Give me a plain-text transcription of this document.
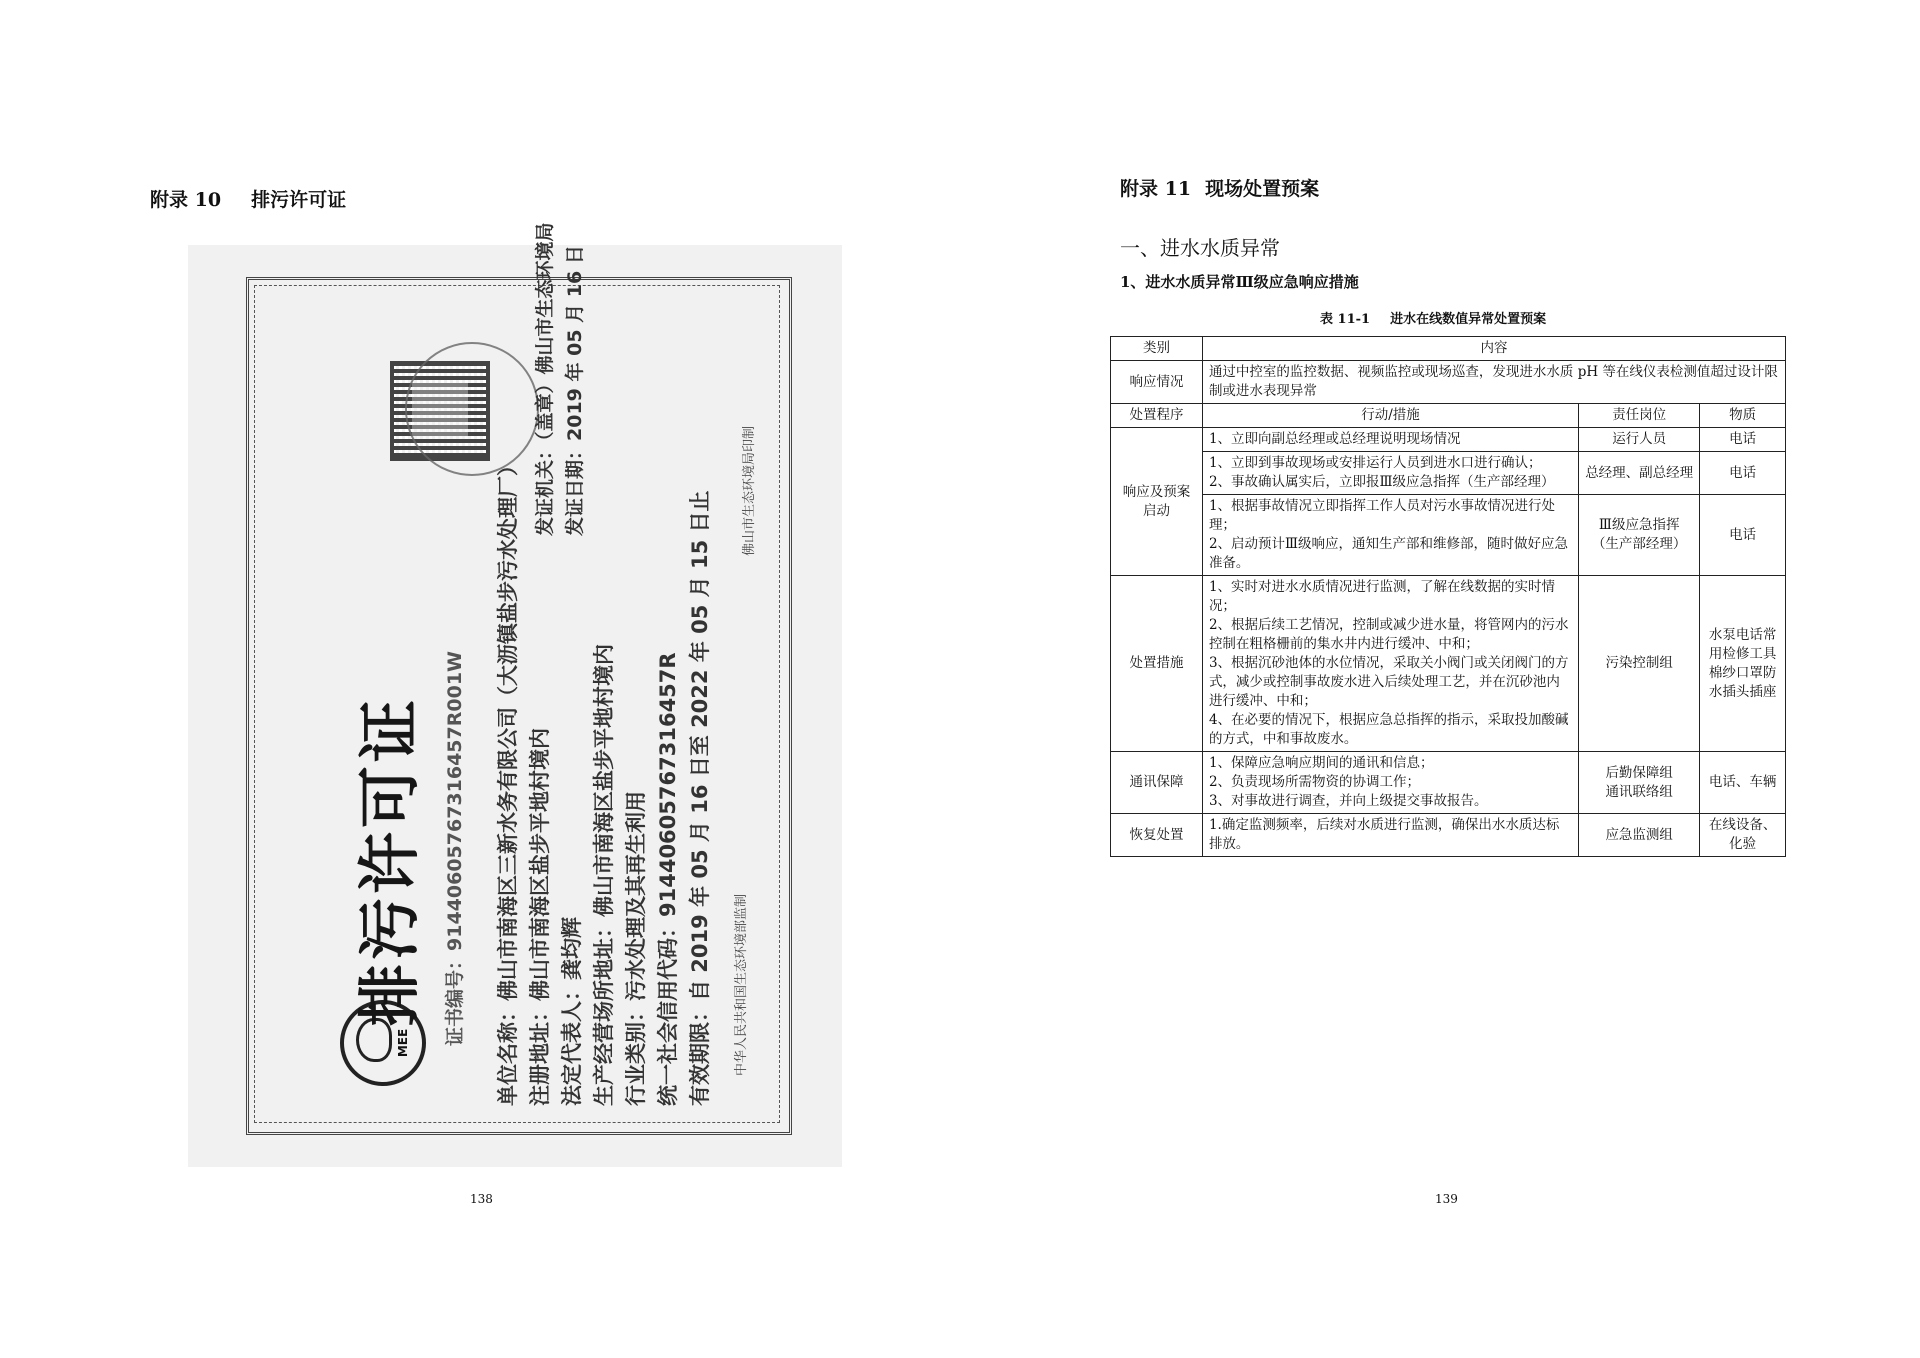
附录 10 排污许可证
MEE
排污许可证 证书编号：91440605767316457R001W 单位名称：佛山市南海区三新水务有限公司（大沥镇盐步污水处理厂） 注册地址：佛山市南海区盐步平地村境内 法定代表人：龚均辉 生产经营场所地址：佛山市南海区盐步平地村境内 行业类别：污水处理及其再生利用 统一社会信用代码：91440605767316457R 有效期限：自 2019 年 05 月 16 日至 2022 年 05 月 15 日止
发证机关：（盖章）佛山市生态环境局 发证日期：2019 年 05 月 16 日
中华人民共和国生态环境部监制
佛山市生态环境局印制
138
附录 11 现场处置预案
一、进水水质异常
1、进水水质异常Ⅲ级应急响应措施
表 11-1 进水在线数值异常处置预案
类别	内容		
响应情况	通过中控室的监控数据、视频监控或现场巡查，发现进水水质 pH 等在线仪表检测值超过设计限制或进水表现异常		
处置程序	行动/措施	责任岗位	物质
响应及预案启动	1、立即向副总经理或总经理说明现场情况	运行人员	电话
	1、立即到事故现场或安排运行人员到进水口进行确认；
2、事故确认属实后，立即报Ⅲ级应急指挥（生产部经理）	总经理、副总经理	电话
	1、根据事故情况立即指挥工作人员对污水事故情况进行处理；
2、启动预计Ⅲ级响应，通知生产部和维修部，随时做好应急准备。	Ⅲ级应急指挥
（生产部经理）	电话
处置措施	1、实时对进水水质情况进行监测，了解在线数据的实时情况；
2、根据后续工艺情况，控制或减少进水量，将管网内的污水控制在粗格栅前的集水井内进行缓冲、中和；
3、根据沉砂池体的水位情况，采取关小阀门或关闭阀门的方式，减少或控制事故废水进入后续处理工艺，并在沉砂池内进行缓冲、中和；
4、在必要的情况下，根据应急总指挥的指示，采取投加酸碱的方式，中和事故废水。	污染控制组	水泵电话常用检修工具棉纱口罩防水插头插座
通讯保障	1、保障应急响应期间的通讯和信息；
2、负责现场所需物资的协调工作；
3、对事故进行调查，并向上级提交事故报告。	后勤保障组
通讯联络组	电话、车辆
恢复处置	1.确定监测频率，后续对水质进行监测，确保出水水质达标排放。	应急监测组	在线设备、化验
139
